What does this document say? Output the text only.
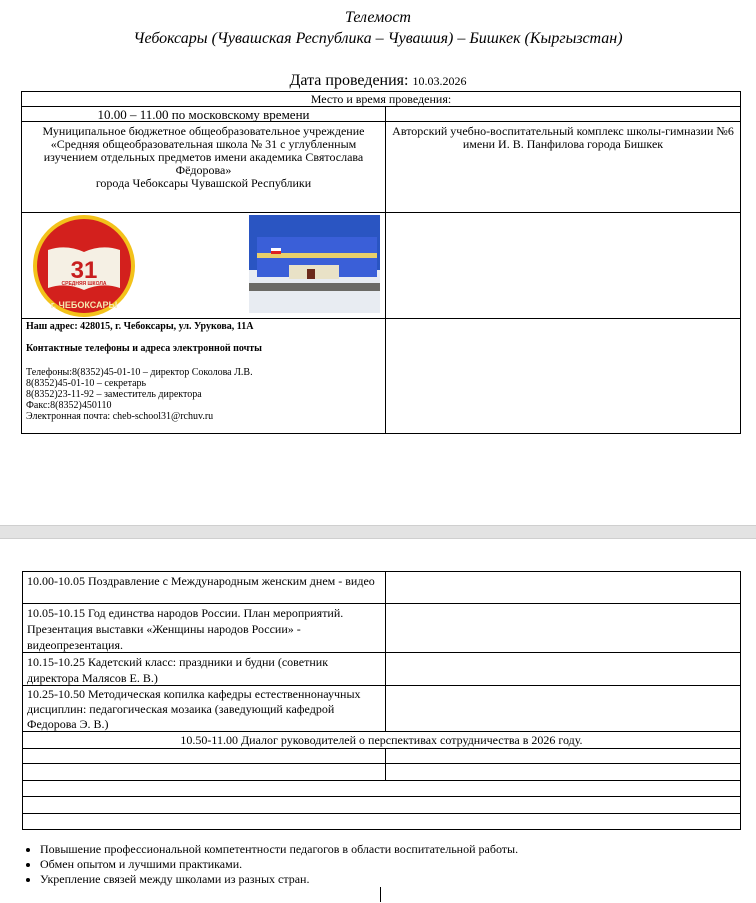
Телемост
Чебоксары (Чувашская Республика – Чувашия) – Бишкек (Кыргызстан)
Дата проведения: 10.03.2026
Место и время проведения:
10.00 – 11.00 по московскому времени
Муниципальное бюджетное общеобразовательное учреждение «Средняя общеобразовательная школа № 31 с углубленным изучением отдельных предметов имени академика Святослава Фёдорова»
города Чебоксары Чувашской Республики
Авторский учебно-воспитательный комплекс школы-гимназии №6 имени И. В. Панфилова города Бишкек
31
СРЕДНЯЯ ШКОЛА
г. ЧЕБОКСАРЫ
Наш адрес: 428015, г. Чебоксары, ул. Урукова, 11А
Контактные телефоны и адреса электронной почты
Телефоны:8(8352)45-01-10 – директор Соколова Л.В.
8(8352)45-01-10 – секретарь
8(8352)23-11-92 – заместитель директора
Факс:8(8352)450110
Электронная почта: cheb-school31@rchuv.ru
10.00-10.05 Поздравление с Международным женским днем - видео
10.05-10.15 Год единства народов России. План мероприятий. Презентация выставки «Женщины народов России» - видеопрезентация.
10.15-10.25 Кадетский класс: праздники и будни (советник директора Малясов Е. В.)
10.25-10.50 Методическая копилка кафедры естественнонаучных дисциплин: педагогическая мозаика (заведующий кафедрой Федорова Э. В.)
10.50-11.00 Диалог руководителей о перспективах сотрудничества в 2026 году.
• Повышение профессиональной компетентности педагогов в области воспитательной работы.
• Обмен опытом и лучшими практиками.
• Укрепление связей между школами из разных стран.
